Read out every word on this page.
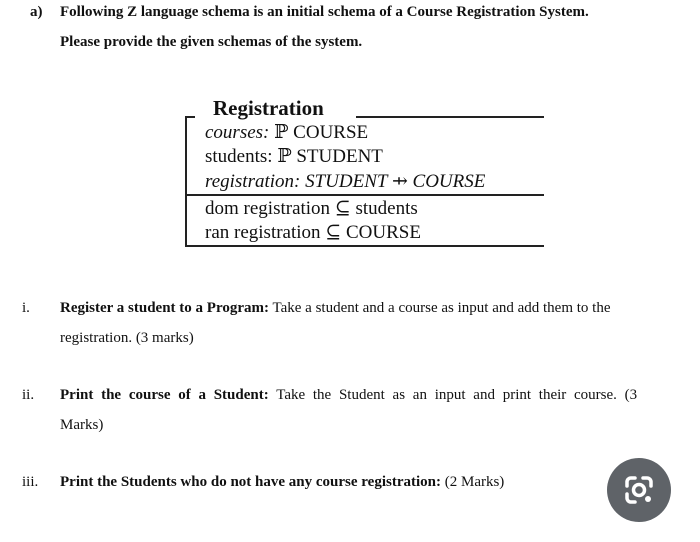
a) Following Z language schema is an initial schema of a Course Registration System.
Please provide the given schemas of the system.
Registration
courses: ℙ COURSE
students: ℙ STUDENT
registration: STUDENT ⇸ COURSE
dom registration ⊆ students
ran registration ⊆ COURSE
i. Register a student to a Program: Take a student and a course as input and add them to the
registration. (3 marks)
ii. Print the course of a Student: Take the Student as an input and print their course. (3
Marks)
iii. Print the Students who do not have any course registration: (2 Marks)
